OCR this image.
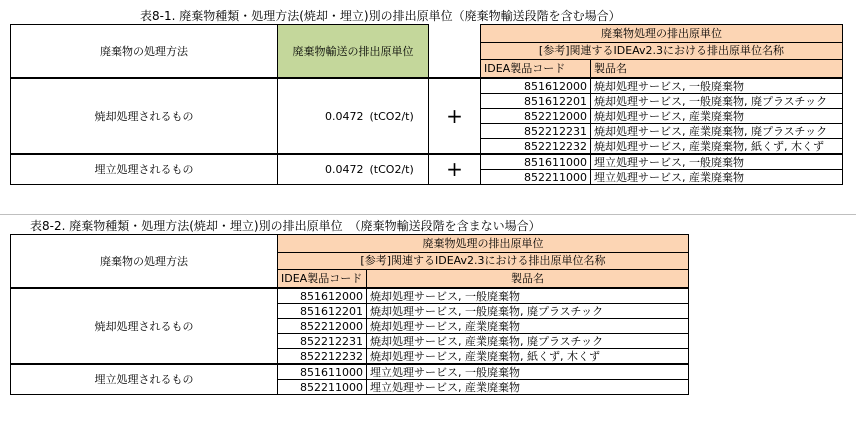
表8-1. 廃棄物種類・処理方法(焼却・埋立)別の排出原単位（廃棄物輸送段階を含む場合）
廃棄物の処理方法	廃棄物輸送の排出原単位			廃棄物処理の排出原単位	
				[参考]関連するIDEAv2.3における排出原単位名称	
				IDEA製品コード	製品名
焼却処理されるもの	0.0472	(tCO2/t)	+	851612000	焼却処理サービス, 一般廃棄物
				851612201	焼却処理サービス, 一般廃棄物, 廃プラスチック
				852212000	焼却処理サービス, 産業廃棄物
				852212231	焼却処理サービス, 産業廃棄物, 廃プラスチック
				852212232	焼却処理サービス, 産業廃棄物, 紙くず, 木くず
埋立処理されるもの	0.0472	(tCO2/t)	+	851611000	埋立処理サービス, 一般廃棄物
				852211000	埋立処理サービス, 産業廃棄物
表8-2. 廃棄物種類・処理方法(焼却・埋立)別の排出原単位　（廃棄物輸送段階を含まない場合）
廃棄物の処理方法	廃棄物処理の排出原単位	
	[参考]関連するIDEAv2.3における排出原単位名称	
	IDEA製品コード	製品名
焼却処理されるもの	851612000	焼却処理サービス, 一般廃棄物
	851612201	焼却処理サービス, 一般廃棄物, 廃プラスチック
	852212000	焼却処理サービス, 産業廃棄物
	852212231	焼却処理サービス, 産業廃棄物, 廃プラスチック
	852212232	焼却処理サービス, 産業廃棄物, 紙くず, 木くず
埋立処理されるもの	851611000	埋立処理サービス, 一般廃棄物
	852211000	埋立処理サービス, 産業廃棄物
